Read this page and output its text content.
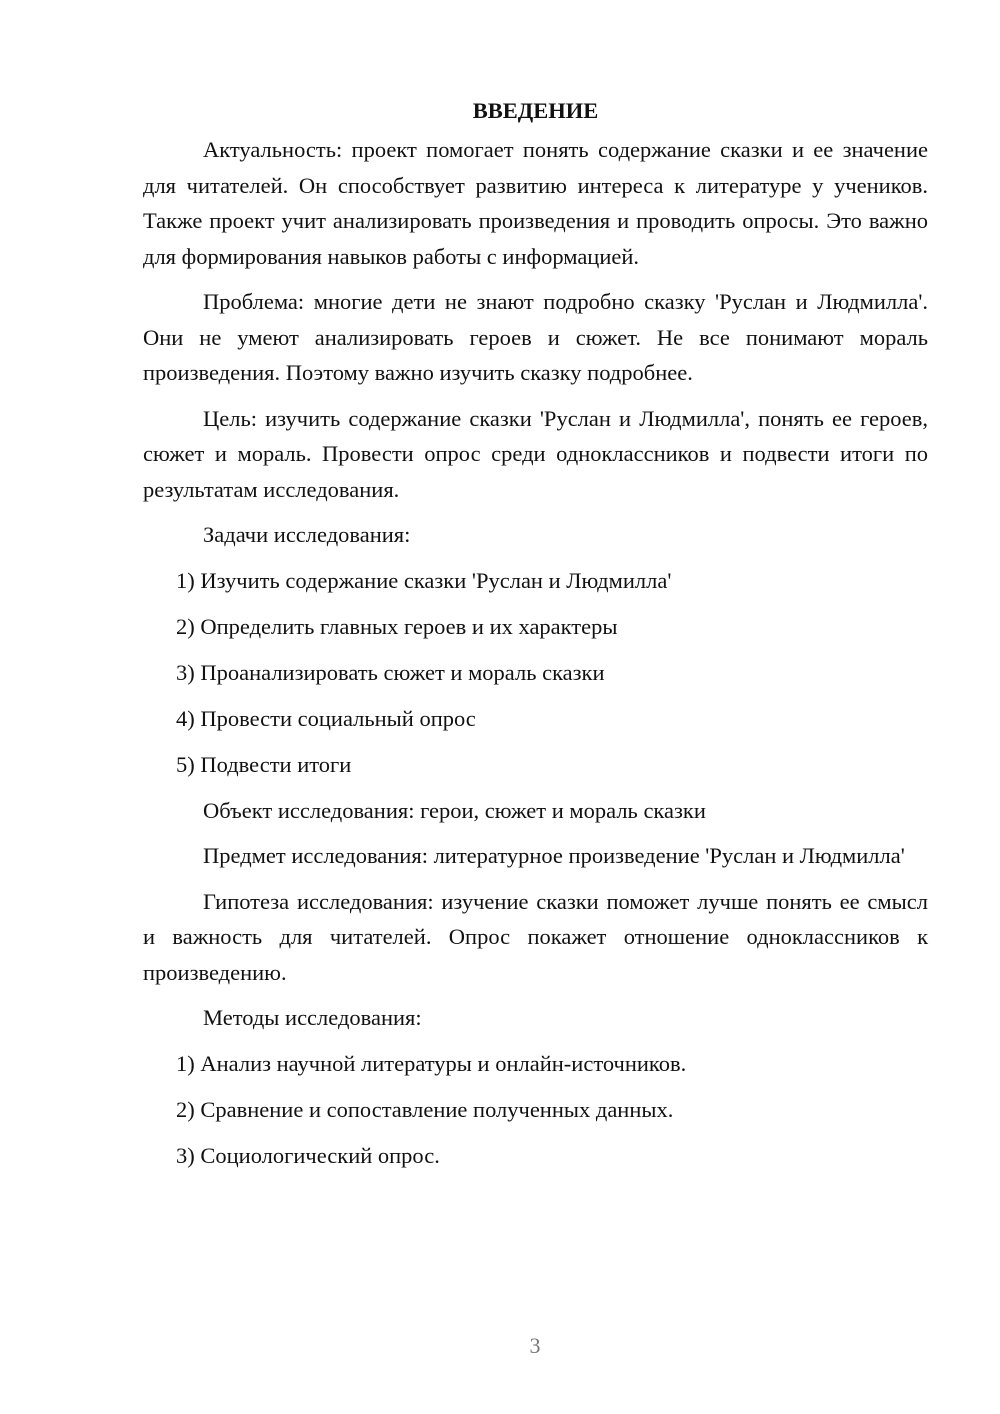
ВВЕДЕНИЕ

Актуальность: проект помогает понять содержание сказки и ее значение для читателей. Он способствует развитию интереса к литературе у учеников. Также проект учит анализировать произведения и проводить опросы. Это важно для формирования навыков работы с информацией.

Проблема: многие дети не знают подробно сказку 'Руслан и Людмилла'. Они не умеют анализировать героев и сюжет. Не все понимают мораль произведения. Поэтому важно изучить сказку подробнее.

Цель: изучить содержание сказки 'Руслан и Людмилла', понять ее героев, сюжет и мораль. Провести опрос среди одноклассников и подвести итоги по результатам исследования.

Задачи исследования:

1) Изучить содержание сказки 'Руслан и Людмилла'
2) Определить главных героев и их характеры
3) Проанализировать сюжет и мораль сказки
4) Провести социальный опрос
5) Подвести итоги

Объект исследования: герои, сюжет и мораль сказки

Предмет исследования: литературное произведение 'Руслан и Людмилла'

Гипотеза исследования: изучение сказки поможет лучше понять ее смысл и важность для читателей. Опрос покажет отношение одноклассников к произведению.

Методы исследования:

1) Анализ научной литературы и онлайн-источников.
2) Сравнение и сопоставление полученных данных.
3) Социологический опрос.
3
